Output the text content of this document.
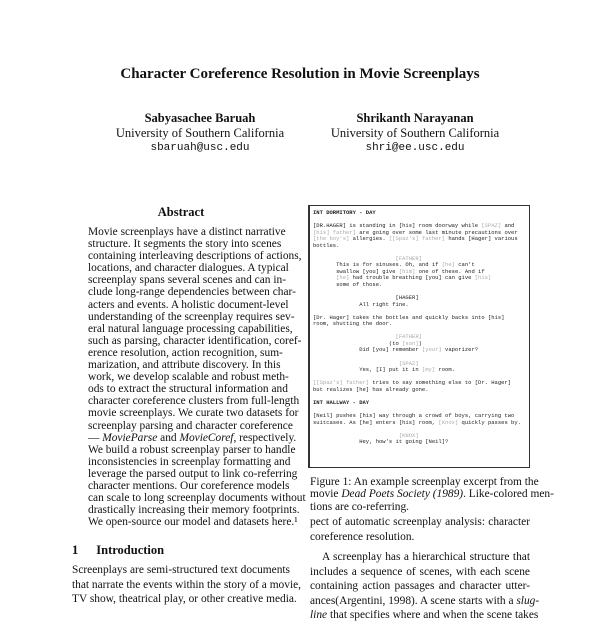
Character Coreference Resolution in Movie Screenplays
Sabyasachee Baruah
University of Southern California
sbaruah@usc.edu
Shrikanth Narayanan
University of Southern California
shri@ee.usc.edu
Abstract
Movie screenplays have a distinct narrative
structure. It segments the story into scenes
containing interleaving descriptions of actions,
locations, and character dialogues. A typical
screenplay spans several scenes and can in-
clude long-range dependencies between char-
acters and events. A holistic document-level
understanding of the screenplay requires sev-
eral natural language processing capabilities,
such as parsing, character identification, coref-
erence resolution, action recognition, sum-
marization, and attribute discovery. In this
work, we develop scalable and robust meth-
ods to extract the structural information and
character coreference clusters from full-length
movie screenplays. We curate two datasets for
screenplay parsing and character coreference
— MovieParse and MovieCoref, respectively.
We build a robust screenplay parser to handle
inconsistencies in screenplay formatting and
leverage the parsed output to link co-referring
character mentions. Our coreference models
can scale to long screenplay documents without
drastically increasing their memory footprints.
We open-source our model and datasets here.¹
1 Introduction
Screenplays are semi-structured text documents
that narrate the events within the story of a movie,
TV show, theatrical play, or other creative media.
INT DORMITORY - DAY
[DR.HAGER] is standing in [his] room doorway while [SPAZ] and
[his] father] are going over some last minute precautions over
[the boy's] allergies. [[Spaz's] father] hands [Hager] various
bottles.
[FATHER]
This is for sinuses. Oh, and if [he] can't
swallow [you] give [him] one of these. And if
[he] had trouble breathing [you] can give [his]
some of those.
[HAGER]
All right fine.
[Dr. Hager] takes the bottles and quickly backs into [his]
room, shutting the door.
[FATHER]
(to [son])
Did [you] remember [your] vaporizer?
[SPAZ]
Yes, [I] put it in [my] room.
[[Spaz's] father] tries to say something else to [Dr. Hager]
but realizes [he] has already gone.
INT HALLWAY - DAY
[Neil] pushes [his] way through a crowd of boys, carrying two
suitcases. As [he] enters [his] room, [Knox] quickly passes by.
[KNOX]
Hey, how's it going [Neil]?
Figure 1: An example screenplay excerpt from the
movie Dead Poets Society (1989). Like-colored men-
tions are co-referring.
pect of automatic screenplay analysis: character
coreference resolution.
A screenplay has a hierarchical structure that
includes a sequence of scenes, with each scene
containing action passages and character utter-
ances(Argentini, 1998). A scene starts with a slug-
line that specifies where and when the scene takes
